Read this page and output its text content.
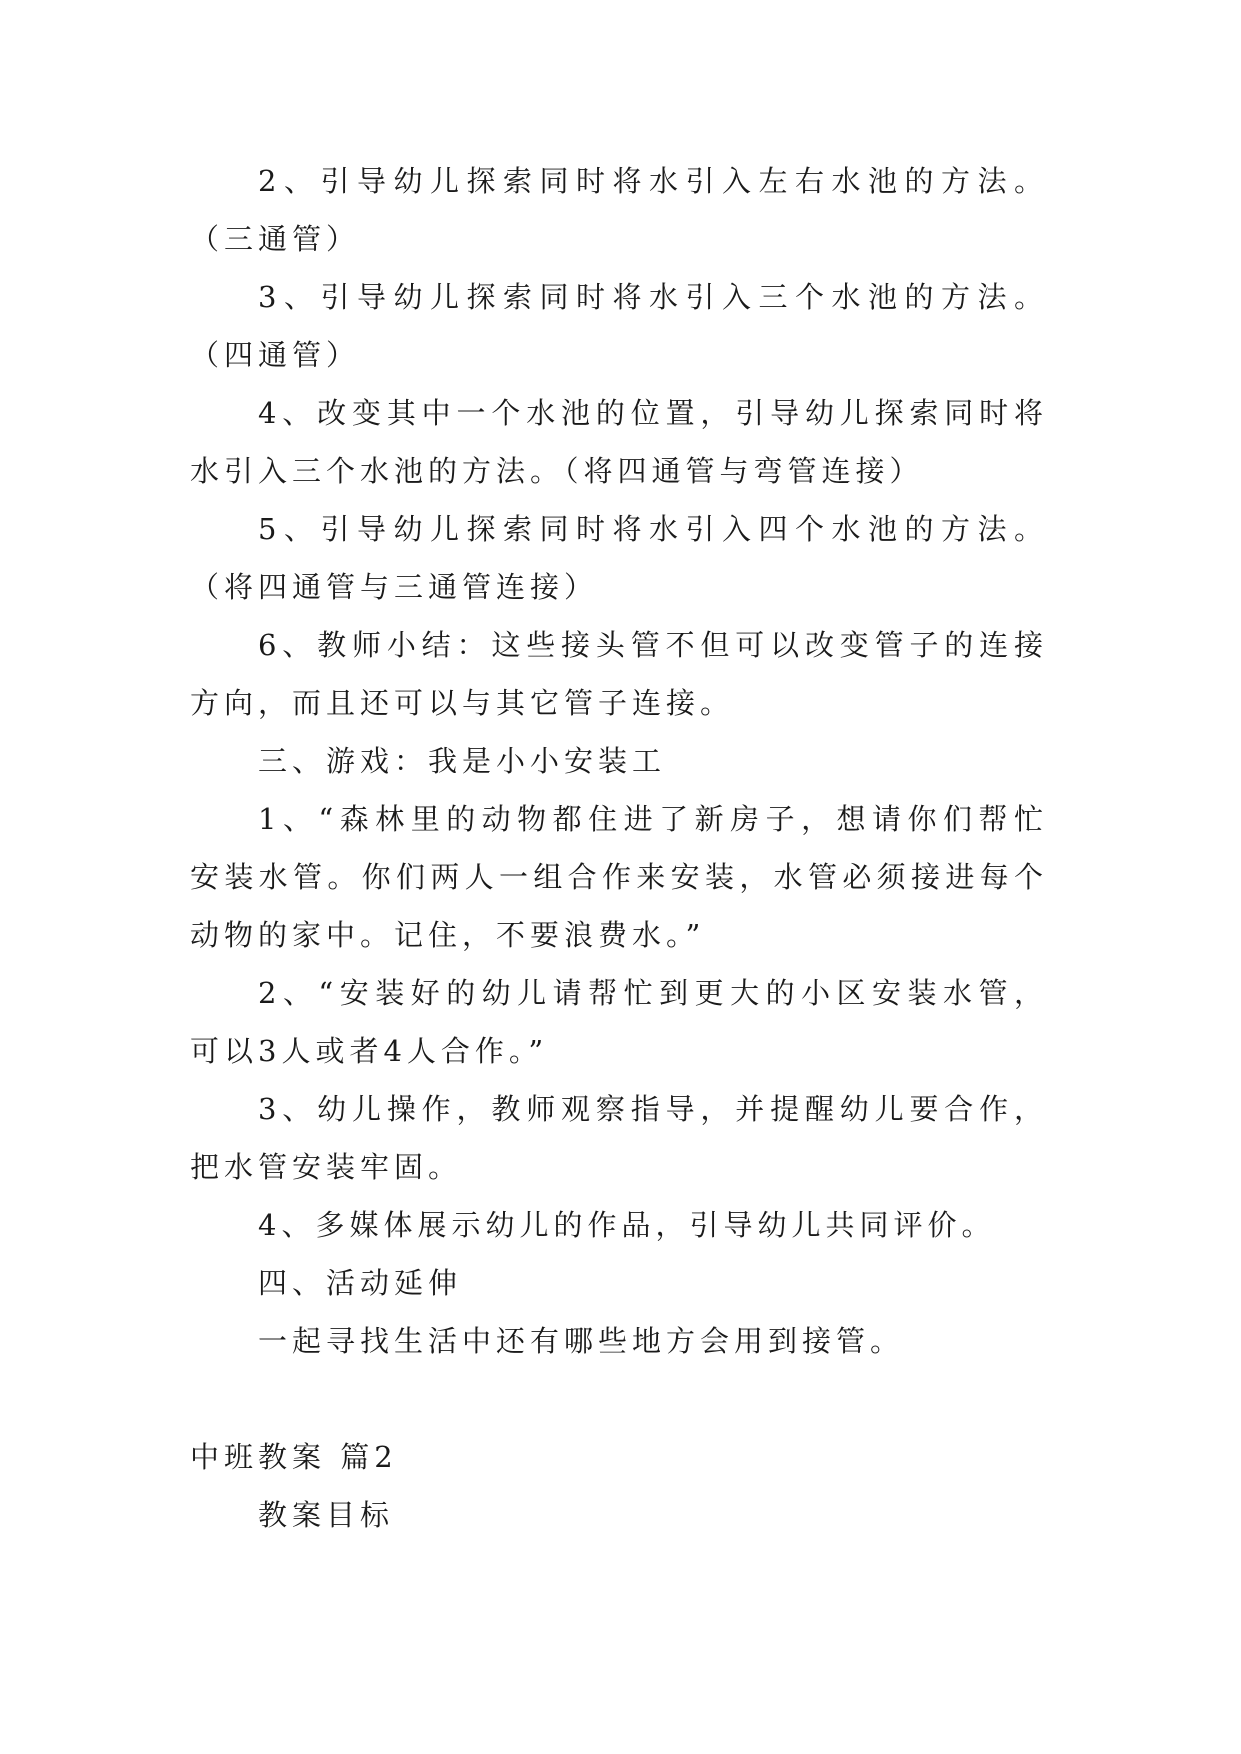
2、引导幼儿探索同时将水引入左右水池的方法。（三通管）

3、引导幼儿探索同时将水引入三个水池的方法。（四通管）

4、改变其中一个水池的位置，引导幼儿探索同时将水引入三个水池的方法。（将四通管与弯管连接）

5、引导幼儿探索同时将水引入四个水池的方法。（将四通管与三通管连接）

6、教师小结：这些接头管不但可以改变管子的连接方向，而且还可以与其它管子连接。

三、游戏：我是小小安装工

1、“森林里的动物都住进了新房子，想请你们帮忙安装水管。你们两人一组合作来安装，水管必须接进每个动物的家中。记住，不要浪费水。”

2、“安装好的幼儿请帮忙到更大的小区安装水管，可以3人或者4人合作。”

3、幼儿操作，教师观察指导，并提醒幼儿要合作，把水管安装牢固。

4、多媒体展示幼儿的作品，引导幼儿共同评价。

四、活动延伸

一起寻找生活中还有哪些地方会用到接管。

中班教案 篇2

教案目标
